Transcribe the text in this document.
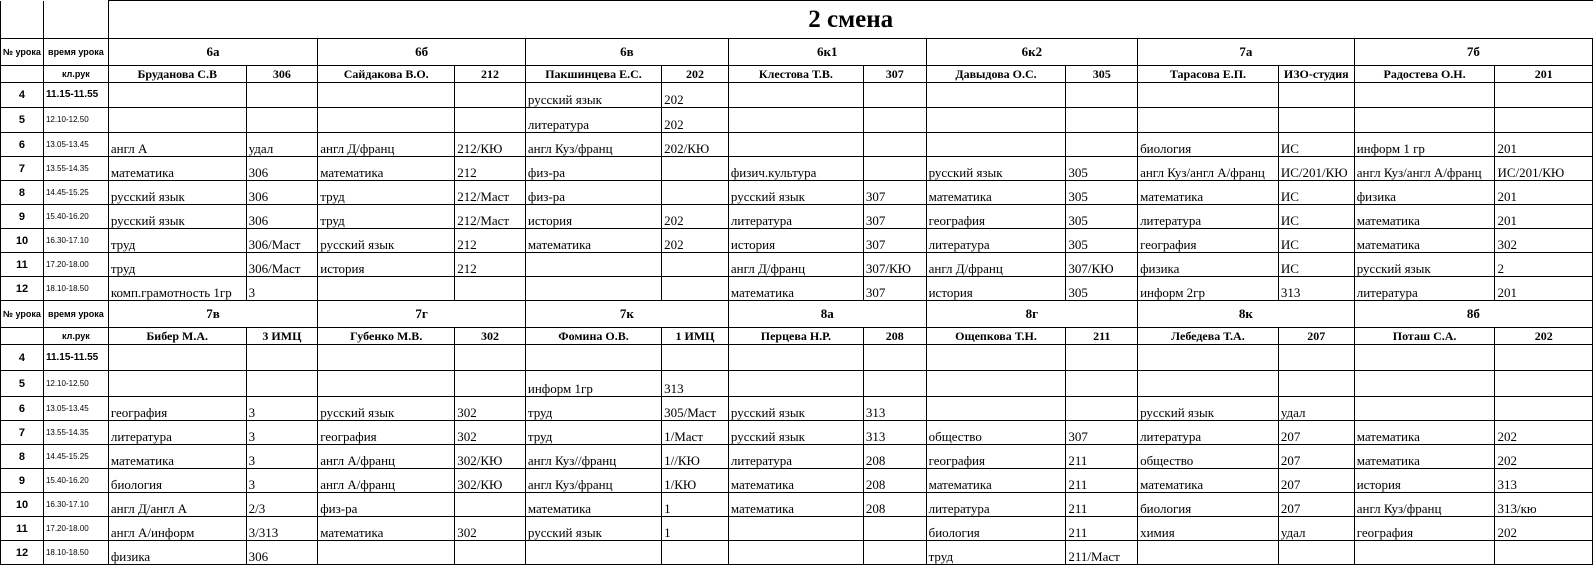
		2 смена													
№ урока	время урока	6а		6б		6в		6к1		6к2		7а		7б	
	кл.рук	Бруданова С.В	306	Сайдакова В.О.	212	Пакшинцева Е.С.	202	Клестова Т.В.	307	Давыдова О.С.	305	Тарасова Е.П.	ИЗО-студия	Радостева О.Н.	201
4	11.15-11.55					русский язык	202								
5	12.10-12.50					литература	202								
6	13.05-13.45	англ А	удал	англ Д/франц	212/КЮ	англ Куз/франц	202/КЮ					биология	ИС	информ 1 гр	201
7	13.55-14.35	математика	306	математика	212	физ-ра		физич.культура		русский язык	305	англ Куз/англ А/франц	ИС/201/КЮ	англ Куз/англ А/франц	ИС/201/КЮ
8	14.45-15.25	русский язык	306	труд	212/Маст	физ-ра		русский язык	307	математика	305	математика	ИС	физика	201
9	15.40-16.20	русский язык	306	труд	212/Маст	история	202	литература	307	география	305	литература	ИС	математика	201
10	16.30-17.10	труд	306/Маст	русский язык	212	математика	202	история	307	литература	305	география	ИС	математика	302
11	17.20-18.00	труд	306/Маст	история	212			англ Д/франц	307/КЮ	англ Д/франц	307/КЮ	физика	ИС	русский язык	2
12	18.10-18.50	комп.грамотность 1гр	3					математика	307	история	305	информ 2гр	313	литература	201
№ урока	время урока	7в		7г		7к		8а		8г		8к		8б	
	кл.рук	Бибер М.А.	3 ИМЦ	Губенко М.В.	302	Фомина О.В.	1 ИМЦ	Перцева Н.Р.	208	Ощепкова Т.Н.	211	Лебедева Т.А.	207	Поташ С.А.	202
4	11.15-11.55														
5	12.10-12.50					информ 1гр	313								
6	13.05-13.45	география	3	русский язык	302	труд	305/Маст	русский язык	313			русский язык	удал		
7	13.55-14.35	литература	3	география	302	труд	1/Маст	русский язык	313	общество	307	литература	207	математика	202
8	14.45-15.25	математика	3	англ А/франц	302/КЮ	англ Куз//франц	1//КЮ	литература	208	география	211	общество	207	математика	202
9	15.40-16.20	биология	3	англ А/франц	302/КЮ	англ Куз/франц	1/КЮ	математика	208	математика	211	математика	207	история	313
10	16.30-17.10	англ Д/англ А	2/3	физ-ра		математика	1	математика	208	литература	211	биология	207	англ Куз/франц	313/кю
11	17.20-18.00	англ А/информ	3/313	математика	302	русский язык	1			биология	211	химия	удал	география	202
12	18.10-18.50	физика	306							труд	211/Маст				
